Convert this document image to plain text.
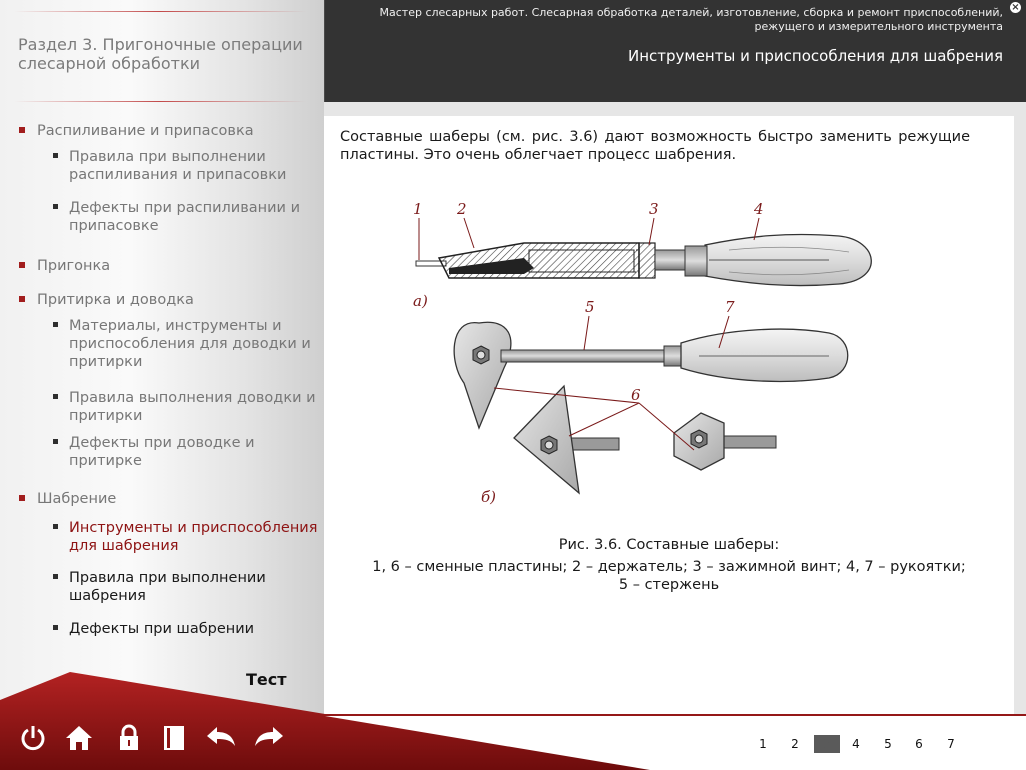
Раздел 3. Пригоночные операции слесарной обработки
Распиливание и припасовка
Правила при выполнении распиливания и припасовки
Дефекты при распиливании и припасовке
Пригонка
Притирка и доводка
Материалы, инструменты и приспособления для доводки и притирки
Правила выполнения доводки и притирки
Дефекты при доводке и притирке
Шабрение
Инструменты и приспособления для шабрения
Правила при выполнении шабрения
Дефекты при шабрении
Мастер слесарных работ. Слесарная обработка деталей, изготовление, сборка и ремонт приспособлений, режущего и измерительного инструмента
Инструменты и приспособления для шабрения
×
Составные шаберы (см. рис. 3.6) дают возможность быстро заменить режущие пластины. Это очень облегчает процесс шабрения.
1 2	3	4
5
6
7
а)
б)
Рис. 3.6. Составные шаберы:
1, 6 – сменные пластины; 2 – держатель; 3 – зажимной винт; 4, 7 – рукоятки;
5 – стержень
Тест
1	2	3	4	5	6	7
